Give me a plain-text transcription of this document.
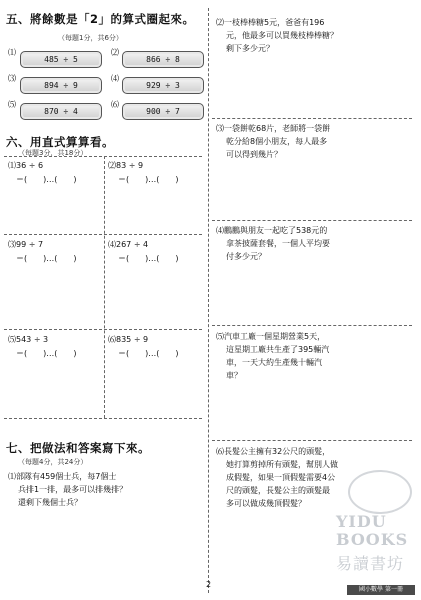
五、將餘數是「2」的算式圈起來。
（每題1分，共6分）
⑴
485 ÷ 5
⑵
866 ÷ 8
⑶
894 ÷ 9
⑷
929 ÷ 3
⑸
870 ÷ 4
⑹
900 ÷ 7
六、用直式算算看。
（每題3分，共18分）
⑴36 ÷ 6
＝(　　)…(　　)
⑵83 ÷ 9
＝(　　)…(　　)
⑶99 ÷ 7
＝(　　)…(　　)
⑷267 ÷ 4
＝(　　)…(　　)
⑸543 ÷ 3
＝(　　)…(　　)
⑹835 ÷ 9
＝(　　)…(　　)
七、把做法和答案寫下來。
（每題4分，共24分）
⑴部隊有459個士兵，每7個士
兵排1一排，最多可以排幾排？
還剩下幾個士兵？
⑵一枝棒棒糖5元，爸爸有196
元，他最多可以買幾枝棒棒糖？
剩下多少元？
⑶一袋餅乾68片，老師將一袋餅
乾分給8個小朋友，每人最多
可以得到幾片？
⑷鵬鵬與朋友一起吃了538元的
拿茶披薩套餐，一個人平均要
付多少元？
⑸汽車工廠一個星期營業5天，
這星期工廠共生產了395輛汽
車，一天大約生產幾十輛汽
車？
⑹長髮公主擁有32公尺的頭髮，
她打算剪掉所有頭髮，幫別人做
成假髮，如果一頂假髮需要4公
尺的頭髮，長髮公主的頭髮最
多可以做成幾頂假髮？
YIDU
BOOKS
易讀書坊
2
國小數學 第一冊
